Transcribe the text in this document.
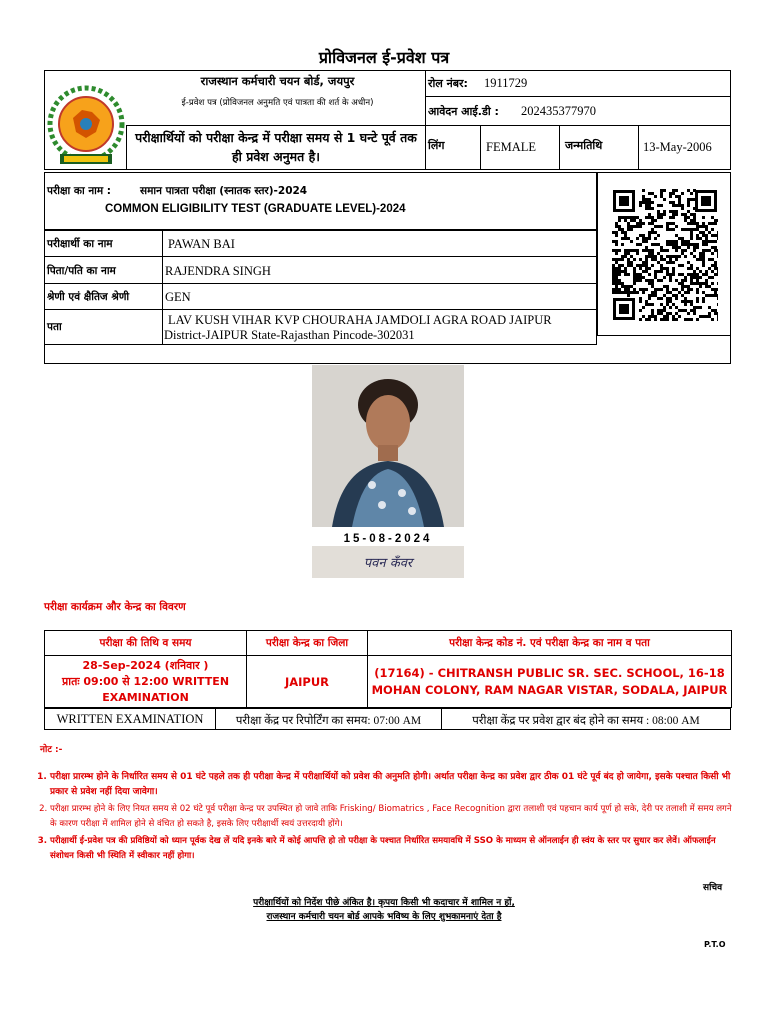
प्रोविजनल ई-प्रवेश पत्र
राजस्थान कर्मचारी चयन बोर्ड, जयपुर
ई-प्रवेश पत्र (प्रोविजनल अनुमति एवं पात्रता की शर्त के अधीन)
परीक्षार्थियों को परीक्षा केन्द्र में परीक्षा समय से 1 घन्टे पूर्व तक ही प्रवेश अनुमत है।
रोल नंबर: 1911729
आवेदन आई.डी : 202435377970
लिंग	FEMALE	जन्मतिथि	13-May-2006
परीक्षा का नाम :	समान पात्रता परीक्षा (स्नातक स्तर)-2024
COMMON ELIGIBILITY TEST (GRADUATE LEVEL)-2024
परीक्षार्थी का नाम	PAWAN BAI
पिता/पति का नाम	RAJENDRA SINGH
श्रेणी एवं क्षैतिज श्रेणी	GEN
पता	LAV KUSH VIHAR KVP CHOURAHA JAMDOLI AGRA ROAD JAIPUR
District-JAIPUR State-Rajasthan Pincode-302031
15-08-2024
पवन कँवर
परीक्षा कार्यक्रम और केन्द्र का विवरण
परीक्षा की तिथि व समय	परीक्षा केन्द्र का जिला	परीक्षा केन्द्र कोड नं. एवं परीक्षा केन्द्र का नाम व पता

28-Sep-2024 (शनिवार )
प्रातः 09:00 से 12:00 WRITTEN EXAMINATION	JAIPUR	(17164) - CHITRANSH PUBLIC SR. SEC. SCHOOL, 16-18 MOHAN COLONY, RAM NAGAR VISTAR, SODALA, JAIPUR
WRITTEN EXAMINATION	परीक्षा केंद्र पर रिपोर्टिंग का समय: 07:00 AM	परीक्षा केंद्र पर प्रवेश द्वार बंद होने का समय : 08:00 AM
नोट :-
1. परीक्षा प्रारम्भ होने के निर्धारित समय से 01 घंटे पहले तक ही परीक्षा केन्द्र में परीक्षार्थियों को प्रवेश की अनुमति होगी। अर्थात परीक्षा केन्द्र का प्रवेश द्वार ठीक 01 घंटे पूर्व बंद हो जायेगा, इसके पश्चात किसी भी प्रकार से प्रवेश नहीं दिया जावेगा।
2. परीक्षा प्रारम्भ होने के लिए नियत समय से 02 घंटे पूर्व परीक्षा केन्द्र पर उपस्थित हो जावे ताकि Frisking/ Biomatrics , Face Recognition द्वारा तलाशी एवं पहचान कार्य पूर्ण हो सके, देरी पर तलाशी में समय लगने के कारण परीक्षा में शामिल होने से वंचित हो सकते है, इसके लिए परीक्षार्थी स्वयं उत्तरदायी होंगे।
3. परीक्षार्थी ई-प्रवेश पत्र की प्रविष्ठियों को ध्यान पूर्वक देख लें यदि इनके बारे में कोई आपत्ति हो तो परीक्षा के पश्चात निर्धारित समयावधि में SSO के माध्यम से ऑनलाईन ही स्वंय के स्तर पर सुधार कर लेवें। ऑफलाईन संशोधन किसी भी स्थिति में स्वीकार नहीं होगा।
सचिव
परीक्षार्थियों को निर्देश पीछे अंकित है। कृपया किसी भी कदाचार में शामिल न हों,
राजस्थान कर्मचारी चयन बोर्ड आपके भविष्य के लिए शुभकामनाएं देता है
P.T.O
